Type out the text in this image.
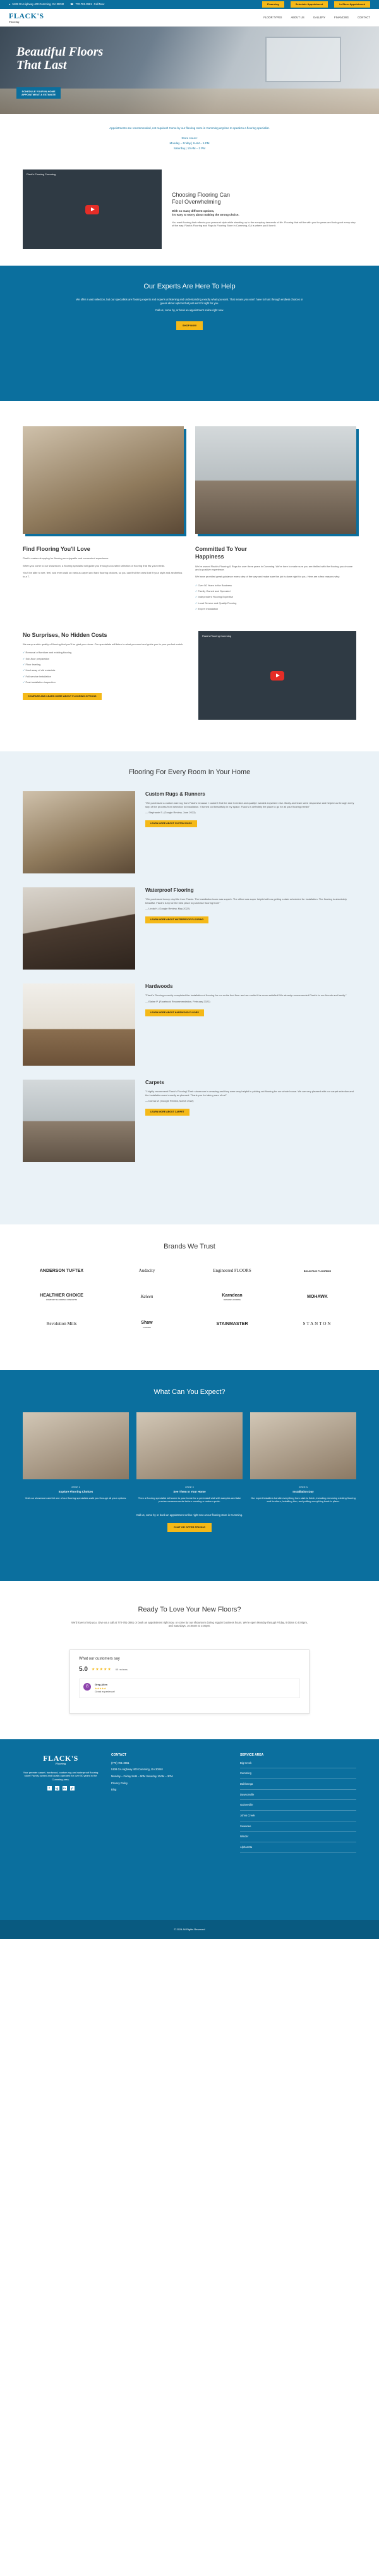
● 5108 GA Highway 400 Cumming, GA 30040 ☎ 770-781-3961 Call Now	Financing	Schedule Appointment	In-Store Appointment
FLACK'S
Flooring
FLOOR TYPES	ABOUT US	GALLERY	FINANCING	CONTACT
Beautiful Floors
That Last
SCHEDULE YOUR IN-HOME
APPOINTMENT & ESTIMATE
Appointments are recommended, not required! Come by our flooring store in Cumming anytime to speak to a flooring specialist.
Store Hours:
Monday – Friday | 9 AM – 5 PM
Saturday | 10 AM – 3 PM
Flack's Flooring Cumming
Choosing Flooring Can
Feel Overwhelming
With so many different options,
it's easy to worry about making the wrong choice.
You want flooring that reflects your personal style while standing up to the everyday demands of life. Flooring that will be with you for years and look good every step of the way. Flack's Flooring and Rugs is Flooring Store in Cumming, GA is where you'll love it.
Our Experts Are Here To Help

We offer a vast selection, but our specialists are flooring experts and experts at listening and understanding exactly what you want. That means you won't have to hunt through endless choices or guess about options that just won't fit right for you.

Call us, come by, or book an appointment online right now.

SHOP NOW
Find Flooring You'll Love

Flack's makes shopping for flooring an enjoyable and convenient experience.

When you come to our showroom, a flooring specialist will guide you through a curated selection of flooring that fits your needs.

You'll be able to see, feel, and even walk on various carpet and hard flooring choices, so you can find the ones that fit your style and aesthetics to a T.

Committed To Your
Happiness

We've owned Flack's Flooring & Rugs for over three years in Cumming. We're here to make sure you are thrilled with the flooring you choose and a positive experience.

We have provided great guidance every step of the way and make sure the job is done right for you. Here are a few reasons why:

✓ Over 50 Years in the Business
✓ Family Owned and Operated
✓ Independent Flooring Expertise
✓ Local Service and Quality Flooring
✓ Expert Installation
No Surprises, No Hidden Costs

We carry a wide quality of flooring that you'll be glad you chose. Our specialists will listen to what you want and guide you to your perfect match.

✓ Removal of furniture and existing flooring
✓ Sub-floor preparation
✓ Floor leveling
✓ Haul away of old materials
✓ Full-service installation
✓ Post-installation inspection
COMPARE AND LEARN MORE ABOUT FLOORING OPTIONS
Flack's Flooring Cumming
Flooring For Every Room In Your Home
Custom Rugs & Runners
"We purchased a custom size rug from Flack's because I couldn't find the size I needed and quality I wanted anywhere else. Beaty and team were responsive and helped us through every step of the process from selection to installation. It turned out beautifully in my space. Flack's is definitely the place to go for all your flooring needs!"
— Stephanie S. (Google Review, June 2022)
LEARN MORE ABOUT CUSTOM RUGS
Waterproof Flooring
"We purchased luxury vinyl tile from Flacks. The installation team was superb. The office was super helpful with us getting a date scheduled for installation. The flooring is absolutely beautiful. Flack's is by far the best place to purchase flooring from!"
— Linda H. (Google Review, May 2022)
LEARN MORE ABOUT WATERPROOF FLOORING
Hardwoods
"Flack's Flooring recently completed the installation of flooring for our entire first floor and we couldn't be more satisfied! We already recommended Flack's to our friends and family."
— Elaine P. (Facebook Recommendation, February 2022)
LEARN MORE ABOUT HARDWOOD FLOORS
Carpets
"I highly recommend Flack's Flooring! Their showroom is amazing and they were very helpful in picking out flooring for our whole house. We are very pleased with our carpet selection and the installation went exactly as planned. Thank you for taking care of us!"
— Donna M. (Google Review, March 2022)
LEARN MORE ABOUT CARPET
Brands We Trust
ANDERSON TUFTEX	Audacity	Engineered FLOORS	BOLD RUG FLOORING
HEALTHIER CHOICE
COMFORT FLOORING CONCEPTS
Kaleen	Karndean
DESIGNFLOORING
MOHAWK
Revolution Mills	Shaw
FLOORS
STAINMASTER	STANTON
What Can You Expect?
STEP 1
Explore Flooring Choices
Visit our showroom and let one of our flooring specialists walk you through all your options.
STEP 2
See Them In Your Home
Then a flooring specialist will come to your home for a pre-install visit with samples and take precise measurements before creating a custom quote.
STEP 3
Installation Day
Our expert installers handle everything from start to finish, including removing existing flooring and furniture, installing trim, and putting everything back in place.
Call us, come by or book an appointment online right now at our flooring store in Cumming.
CHAT OR OFFER PRICING
Ready To Love Your New Floors?

We'd love to help you. Give us a call at 770-781-3961 or book an appointment right now, or come by our showroom during regular business hours. We're open Monday through Friday, 9:00am to 5:00pm, and Saturdays, 10:00am to 3:00pm.

What our customers say
5.0 ★★★★★ 65 reviews
G
Greg Allen
★★★★★
Great experience!
FLACK'S
Flooring
Your premier carpet, hardwood, custom rug and waterproof flooring store! Family owned and locally operated for over 50 years in the Cumming area.
f	ig	in	yt
CONTACT
(770) 781-3961
5108 GA Highway 400 Cumming, GA 30040
Monday – Friday 9AM – 5PM Saturday 10AM – 3PM
Privacy Policy
Blog
SERVICE AREA
Big Creek
Cumming
Dahlonega
Dawsonville
Gainesville
Johns Creek
Suwanee
Winder
Alpharetta
© 2024 All Rights Reserved
